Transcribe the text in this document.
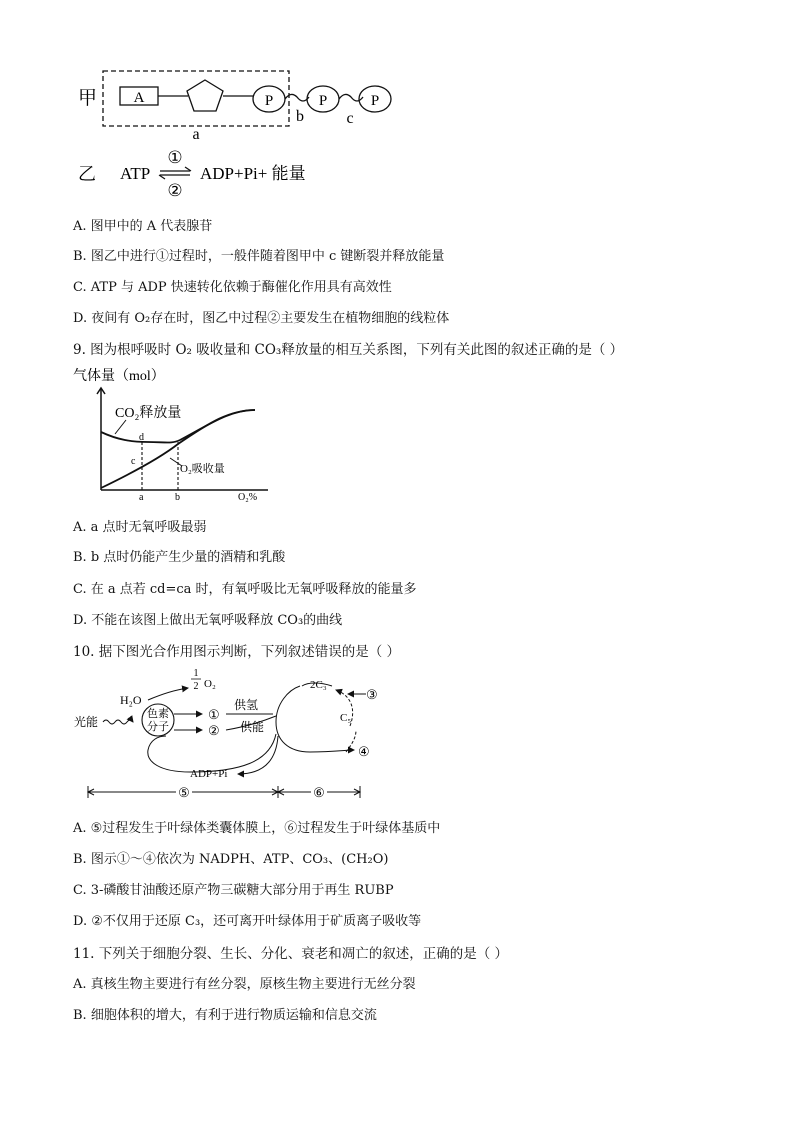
甲 A	P	P	P
a
b	c
乙 ATP
①
②
ADP+Pi+ 能量
A. 图甲中的 A 代表腺苷
B. 图乙中进行①过程时，一般伴随着图甲中 c 键断裂并释放能量
C. ATP 与 ADP 快速转化依赖于酶催化作用具有高效性
D. 夜间有 O₂存在时，图乙中过程②主要发生在植物细胞的线粒体
9. 图为根呼吸时 O₂ 吸收量和 CO₃释放量的相互关系图，下列有关此图的叙述正确的是（ ）
气体量（mol）
CO₂释放量
O₂吸收量
d
c
a	b	O₂%
A. a 点时无氧呼吸最弱
B. b 点时仍能产生少量的酒精和乳酸
C. 在 a 点若 cd=ca 时，有氧呼吸比无氧呼吸释放的能量多
D. 不能在该图上做出无氧呼吸释放 CO₃的曲线
10. 据下图光合作用图示判断，下列叙述错误的是（ ）
1
2 O₂
H₂O
色素
分子
光能	①
②
供氢
供能
ADP+Pi
2C₃
C₅
③
④
⑤	⑥
A. ⑤过程发生于叶绿体类囊体膜上，⑥过程发生于叶绿体基质中
B. 图示①～④依次为 NADPH、ATP、CO₃、(CH₂O)
C. 3-磷酸甘油酸还原产物三碳糖大部分用于再生 RUBP
D. ②不仅用于还原 C₃，还可离开叶绿体用于矿质离子吸收等
11. 下列关于细胞分裂、生长、分化、衰老和凋亡的叙述，正确的是（ ）
A. 真核生物主要进行有丝分裂，原核生物主要进行无丝分裂
B. 细胞体积的增大，有利于进行物质运输和信息交流
